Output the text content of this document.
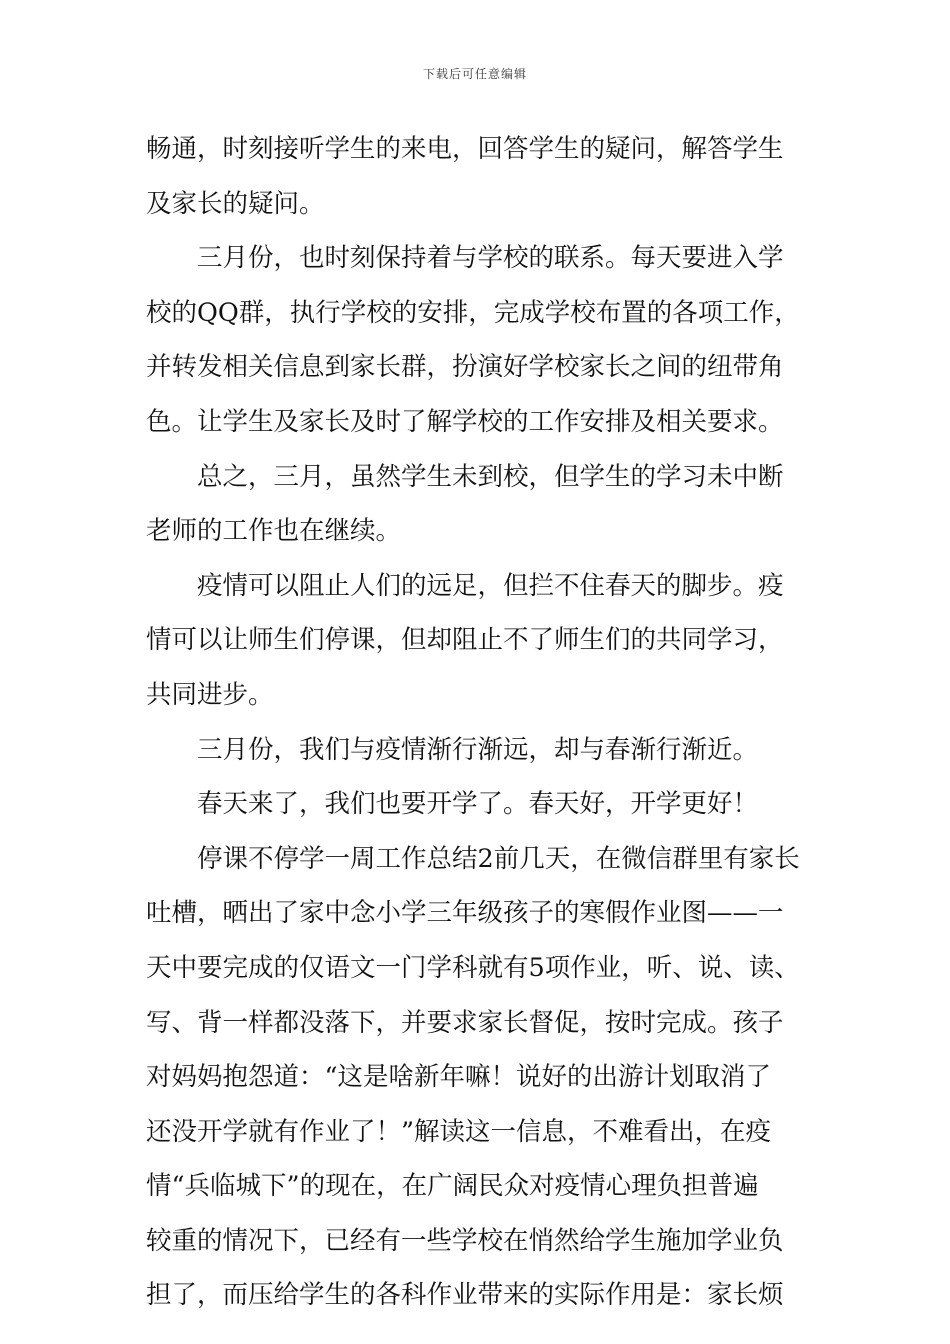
下载后可任意编辑
畅通，时刻接听学生的来电，回答学生的疑问，解答学生
及家长的疑问。
三月份，也时刻保持着与学校的联系。每天要进入学
校的QQ群，执行学校的安排，完成学校布置的各项工作，
并转发相关信息到家长群，扮演好学校家长之间的纽带角
色。让学生及家长及时了解学校的工作安排及相关要求。
总之，三月，虽然学生未到校，但学生的学习未中断
老师的工作也在继续。
疫情可以阻止人们的远足，但拦不住春天的脚步。疫
情可以让师生们停课，但却阻止不了师生们的共同学习，
共同进步。
三月份，我们与疫情渐行渐远，却与春渐行渐近。
春天来了，我们也要开学了。春天好，开学更好！
停课不停学一周工作总结2前几天，在微信群里有家长
吐槽，晒出了家中念小学三年级孩子的寒假作业图——一
天中要完成的仅语文一门学科就有5项作业，听、说、读、
写、背一样都没落下，并要求家长督促，按时完成。孩子
对妈妈抱怨道：“这是啥新年嘛！说好的出游计划取消了
还没开学就有作业了！”解读这一信息，不难看出，在疫
情“兵临城下”的现在，在广阔民众对疫情心理负担普遍
较重的情况下，已经有一些学校在悄然给学生施加学业负
担了，而压给学生的各科作业带来的实际作用是：家长烦
